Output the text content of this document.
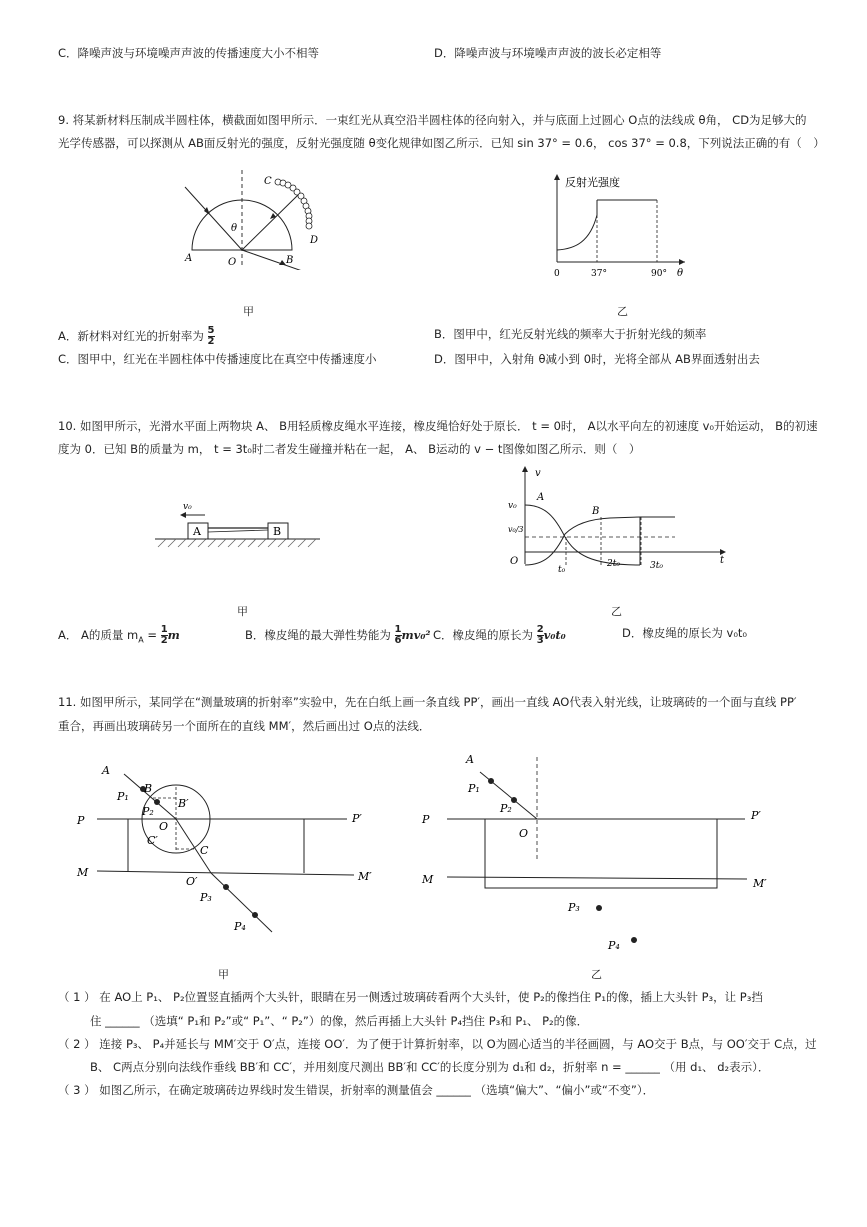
C．降噪声波与环境噪声声波的传播速度大小不相等	D．降噪声波与环境噪声声波的波长必定相等
9. 将某新材料压制成半圆柱体，横截面如图甲所示．一束红光从真空沿半圆柱体的径向射入，并与底面上过圆心 O点的法线成 θ角， CD为足够大的
光学传感器，可以探测从 AB面反射光的强度，反射光强度随 θ变化规律如图乙所示．已知 sin 37° = 0.6， cos 37° = 0.8，下列说法正确的有（　）
C
D
A	B
O
θ
甲
反射光强度
0	37°	90° θ
乙
A．新材料对红光的折射率为 $\frac{5}{2}$	B．图甲中，红光反射光线的频率大于折射光线的频率
C．图甲中，红光在半圆柱体中传播速度比在真空中传播速度小	D．图甲中，入射角 θ减小到 0时，光将全部从 AB界面透射出去
10. 如图甲所示，光滑水平面上两物块 A、 B用轻质橡皮绳水平连接，橡皮绳恰好处于原长． t = 0时， A以水平向左的初速度 v₀开始运动， B的初速
度为 0．已知 B的质量为 m， t = 3t₀时二者发生碰撞并粘在一起， A、 B运动的 v − t图像如图乙所示．则（　）
A	B
v₀
甲
v
t
A
B
v₀
v₀/3
O
t₀
2t₀	3t₀
乙
A． A的质量 $m_A = \frac{1}{2}$ m	B．橡皮绳的最大弹性势能为 $\frac{1}{6} mv_0^2$ C．橡皮绳的原长为 $\frac{2}{3} v_0t_0$	D．橡皮绳的原长为 v₀t₀
11. 如图甲所示，某同学在“测量玻璃的折射率”实验中，先在白纸上画一条直线 PP′，画出一直线 AO代表入射光线，让玻璃砖的一个面与直线 PP′
重合，再画出玻璃砖另一个面所在的直线 MM′，然后画出过 O点的法线．
A
B
B′
P₁
P₂
O
C′
C
O′
P₃
P₄
P	P′
M	M′
甲
A
P₁
P₂
O
P	P′
M	M′
P₃
P₄
乙
（ 1 ） 在 AO上 P₁、 P₂位置竖直插两个大头针，眼睛在另一侧透过玻璃砖看两个大头针，使 P₂的像挡住 P₁的像，插上大头针 P₃，让 P₃挡
住 ______ （选填“ P₁和 P₂”或“ P₁”、“ P₂”）的像，然后再插上大头针 P₄挡住 P₃和 P₁、 P₂的像．
（ 2 ） 连接 P₃、 P₄并延长与 MM′交于 O′点，连接 OO′．为了便于计算折射率，以 O为圆心适当的半径画圆，与 AO交于 B点，与 OO′交于 C点，过
B、 C两点分别向法线作垂线 BB′和 CC′，并用刻度尺测出 BB′和 CC′的长度分别为 d₁和 d₂，折射率 n = ______ （用 d₁、 d₂表示）．
（ 3 ） 如图乙所示，在确定玻璃砖边界线时发生错误，折射率的测量值会 ______ （选填“偏大”、“偏小”或“不变”）．
